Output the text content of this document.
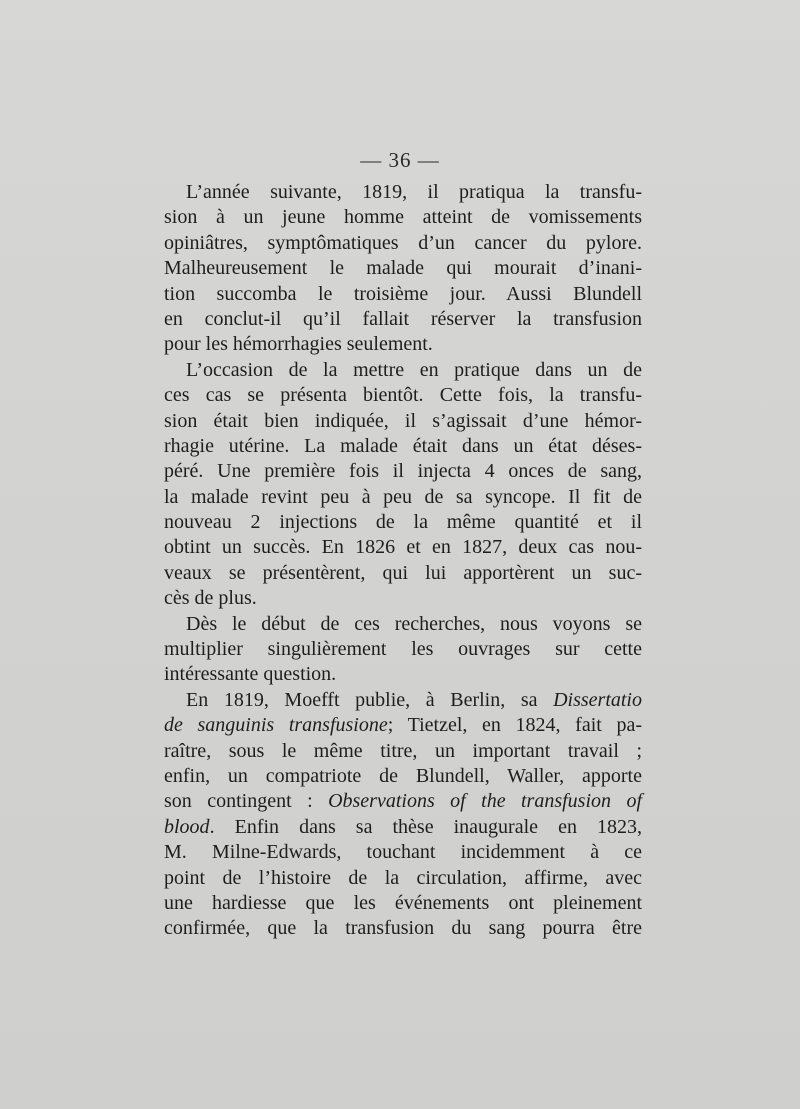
— 36 —
L’année suivante, 1819, il pratiqua la transfu-
sion à un jeune homme atteint de vomissements
opiniâtres, symptômatiques d’un cancer du pylore.
Malheureusement le malade qui mourait d’inani-
tion succomba le troisième jour. Aussi Blundell
en conclut-il qu’il fallait réserver la transfusion
pour les hémorrhagies seulement.
L’occasion de la mettre en pratique dans un de
ces cas se présenta bientôt. Cette fois, la transfu-
sion était bien indiquée, il s’agissait d’une hémor-
rhagie utérine. La malade était dans un état déses-
péré. Une première fois il injecta 4 onces de sang,
la malade revint peu à peu de sa syncope. Il fit de
nouveau 2 injections de la même quantité et il
obtint un succès. En 1826 et en 1827, deux cas nou-
veaux se présentèrent, qui lui apportèrent un suc-
cès de plus.
Dès le début de ces recherches, nous voyons se
multiplier singulièrement les ouvrages sur cette
intéressante question.
En 1819, Moefft publie, à Berlin, sa Dissertatio
de sanguinis transfusione; Tietzel, en 1824, fait pa-
raître, sous le même titre, un important travail ;
enfin, un compatriote de Blundell, Waller, apporte
son contingent : Observations of the transfusion of
blood. Enfin dans sa thèse inaugurale en 1823,
M. Milne-Edwards, touchant incidemment à ce
point de l’histoire de la circulation, affirme, avec
une hardiesse que les événements ont pleinement
confirmée, que la transfusion du sang pourra être
